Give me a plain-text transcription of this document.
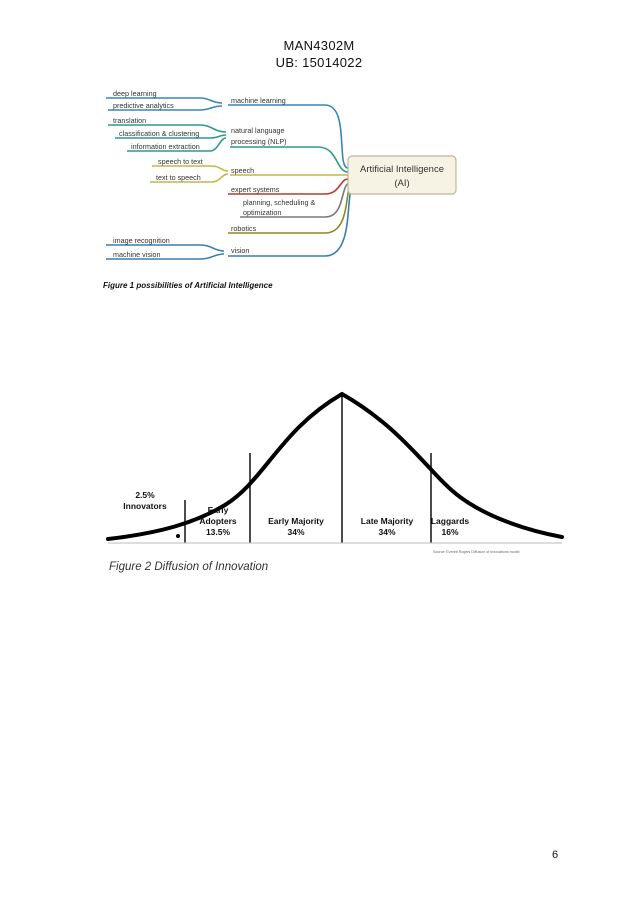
MAN4302M
UB: 15014022
Artificial Intelligence
(AI)
deep learning
predictive analytics
translation
classification & clustering
information extraction
speech to text
text to speech
image recognition
machine vision
machine learning
natural language
processing (NLP)
speech
expert systems
planning, scheduling &
optimization
robotics
vision
Figure 1 possibilities of Artificial Intelligence
2.5%
Innovators	Early
Adopters
13.5%
Early Majority
34%
Late Majority
34%
Laggards
16%
Source: Everett Rogers Diffusion of Innovations model
Figure 2 Diffusion of Innovation
6
